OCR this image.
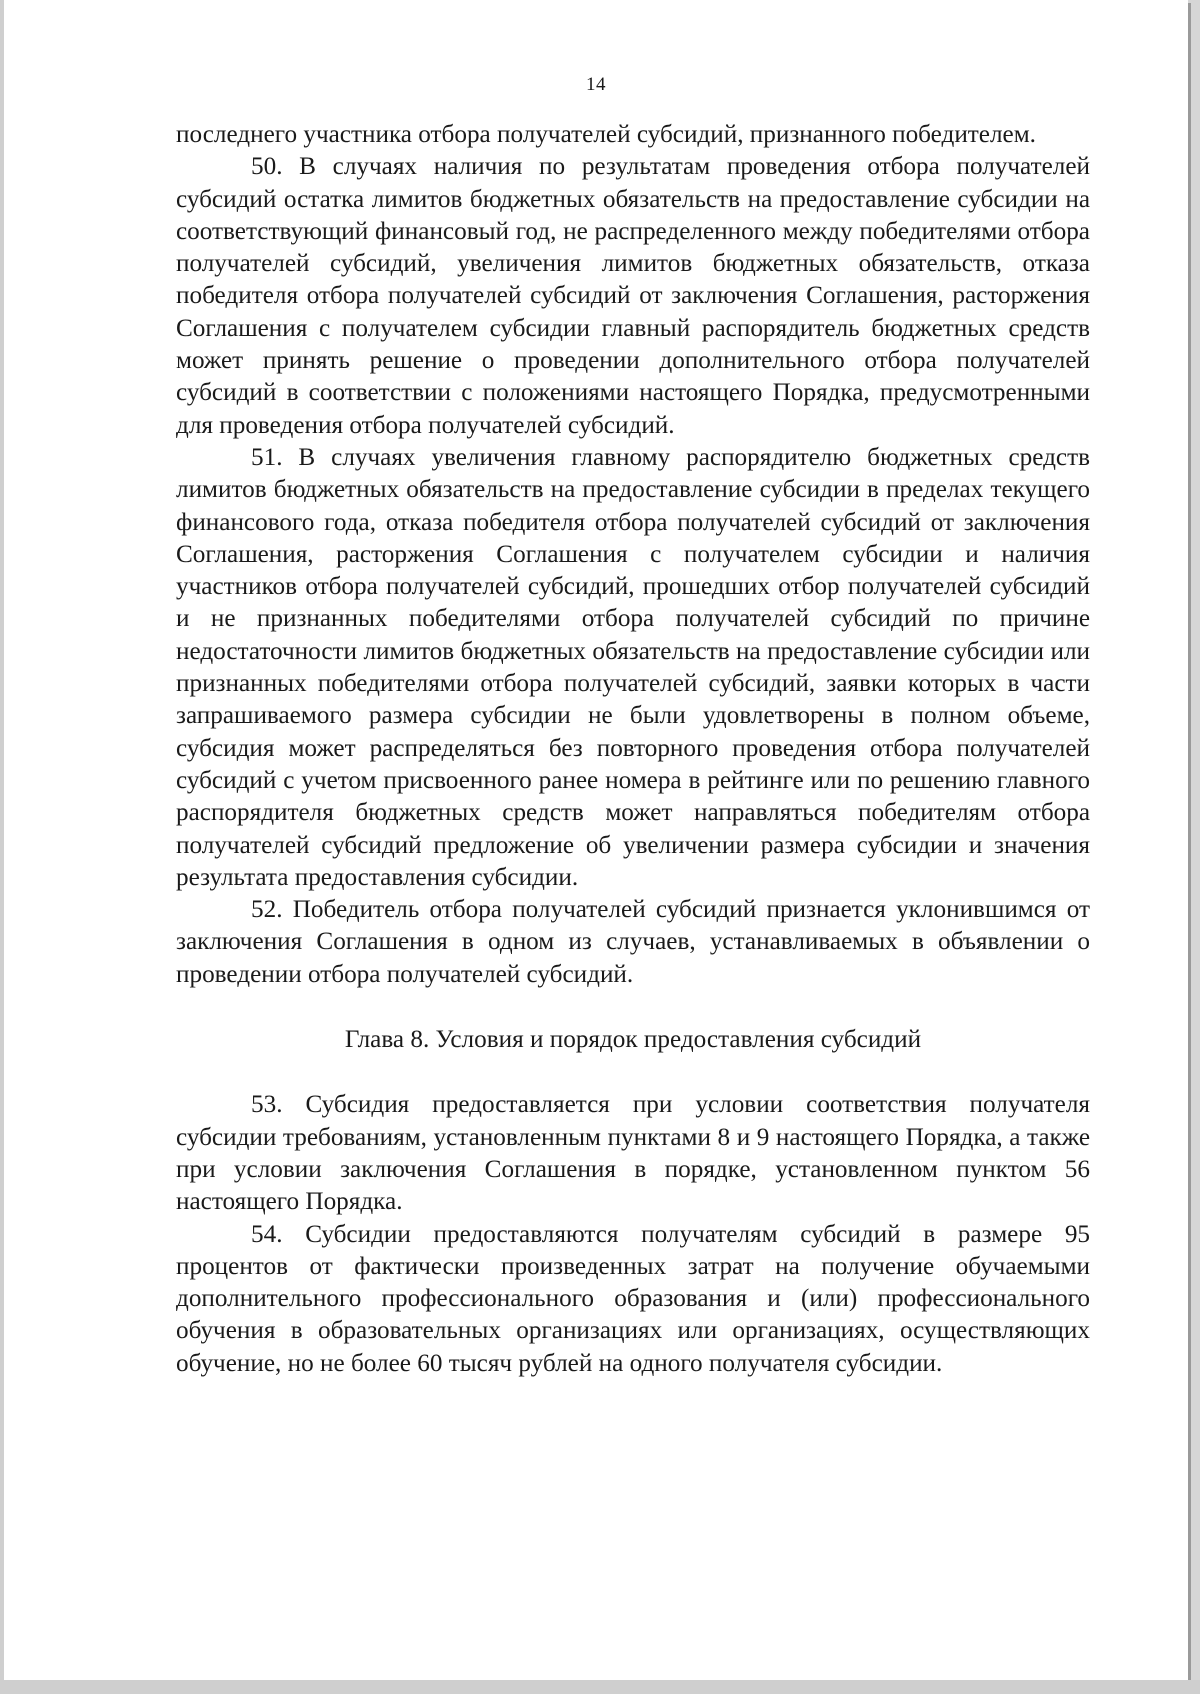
14

последнего участника отбора получателей субсидий, признанного победителем.

50. В случаях наличия по результатам проведения отбора получателей субсидий остатка лимитов бюджетных обязательств на предоставление субсидии на соответствующий финансовый год, не распределенного между победителями отбора получателей субсидий, увеличения лимитов бюджетных обязательств, отказа победителя отбора получателей субсидий от заключения Соглашения, расторжения Соглашения с получателем субсидии главный распорядитель бюджетных средств может принять решение о проведении дополнительного отбора получателей субсидий в соответствии с положениями настоящего Порядка, предусмотренными для проведения отбора получателей субсидий.

51. В случаях увеличения главному распорядителю бюджетных средств лимитов бюджетных обязательств на предоставление субсидии в пределах текущего финансового года, отказа победителя отбора получателей субсидий от заключения Соглашения, расторжения Соглашения с получателем субсидии и наличия участников отбора получателей субсидий, прошедших отбор получателей субсидий и не признанных победителями отбора получателей субсидий по причине недостаточности лимитов бюджетных обязательств на предоставление субсидии или признанных победителями отбора получателей субсидий, заявки которых в части запрашиваемого размера субсидии не были удовлетворены в полном объеме, субсидия может распределяться без повторного проведения отбора получателей субсидий с учетом присвоенного ранее номера в рейтинге или по решению главного распорядителя бюджетных средств может направляться победителям отбора получателей субсидий предложение об увеличении размера субсидии и значения результата предоставления субсидии.

52. Победитель отбора получателей субсидий признается уклонившимся от заключения Соглашения в одном из случаев, устанавливаемых в объявлении о проведении отбора получателей субсидий.

Глава 8. Условия и порядок предоставления субсидий

53. Субсидия предоставляется при условии соответствия получателя субсидии требованиям, установленным пунктами 8 и 9 настоящего Порядка, а также при условии заключения Соглашения в порядке, установленном пунктом 56 настоящего Порядка.

54. Субсидии предоставляются получателям субсидий в размере 95 процентов от фактически произведенных затрат на получение обучаемыми дополнительного профессионального образования и (или) профессионального обучения в образовательных организациях или организациях, осуществляющих обучение, но не более 60 тысяч рублей на одного получателя субсидии.
